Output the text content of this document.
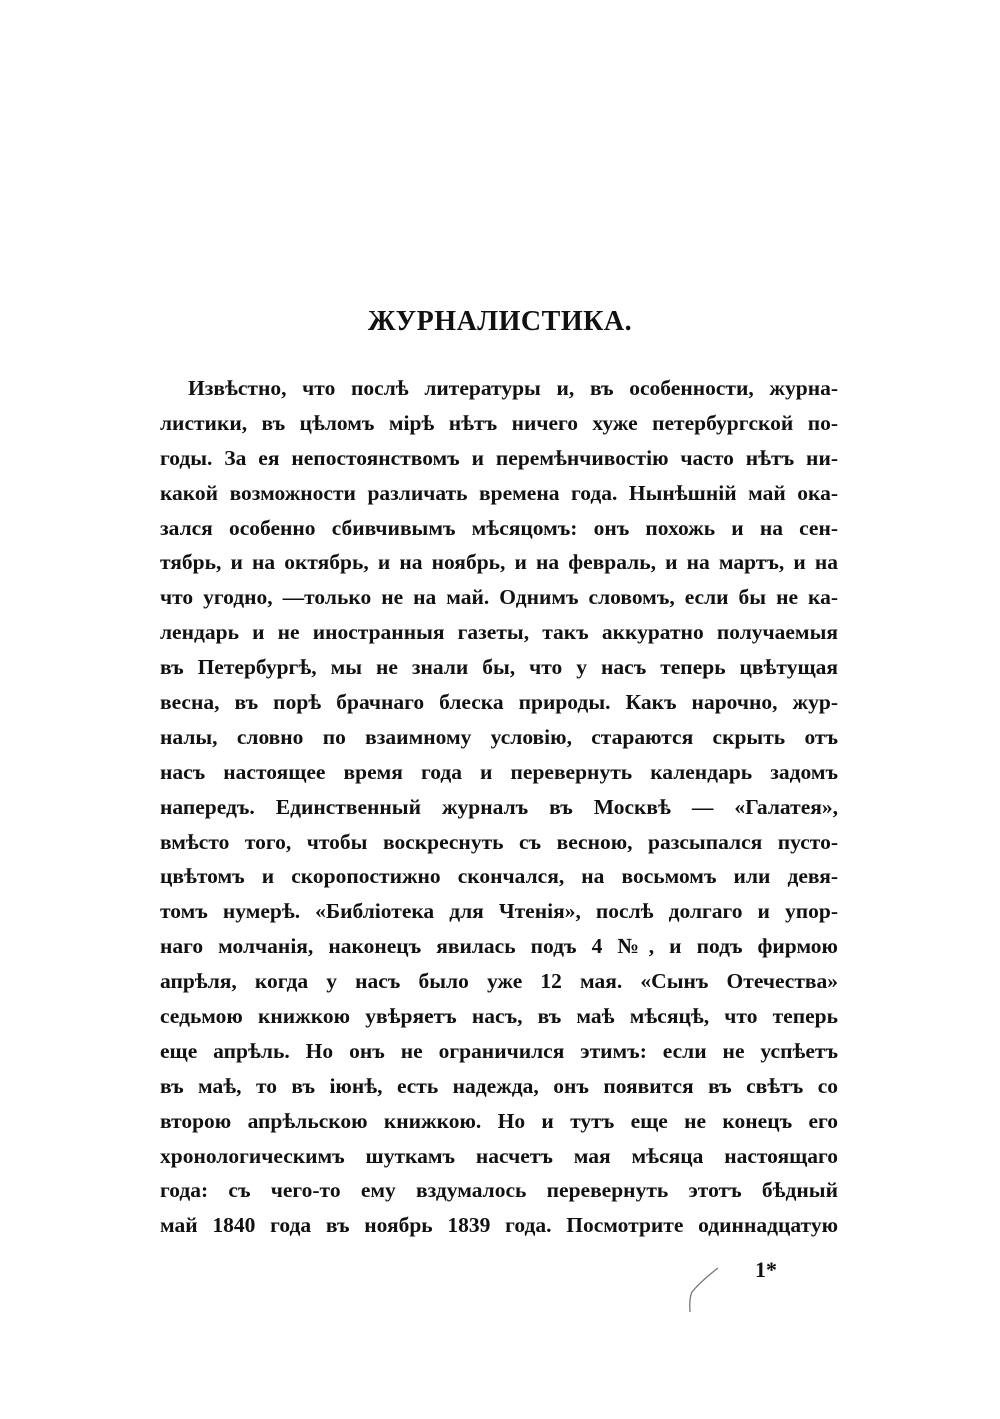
ЖУРНАЛИСТИКА.
Извѣстно, что послѣ литературы и, въ особенности, журна-
листики, въ цѣломъ мірѣ нѣтъ ничего хуже петербургской по-
годы. За ея непостоянствомъ и перемѣнчивостію часто нѣтъ ни-
какой возможности различать времена года. Нынѣшній май ока-
зался особенно сбивчивымъ мѣсяцомъ: онъ похожь и на сен-
тябрь, и на октябрь, и на ноябрь, и на февраль, и на мартъ, и на
что угодно, —только не на май. Однимъ словомъ, если бы не ка-
лендарь и не иностранныя газеты, такъ аккуратно получаемыя
въ Петербургѣ, мы не знали бы, что у насъ теперь цвѣтущая
весна, въ порѣ брачнаго блеска природы. Какъ нарочно, жур-
налы, словно по взаимному условію, стараются скрыть отъ
насъ настоящее время года и перевернуть календарь задомъ
напередъ. Единственный журналъ въ Москвѣ — «Галатея»,
вмѣсто того, чтобы воскреснуть съ весною, разсыпался пусто-
цвѣтомъ и скоропостижно скончался, на восьмомъ или девя-
томъ нумерѣ. «Библіотека для Чтенія», послѣ долгаго и упор-
наго молчанія, наконецъ явилась подъ 4 №, и подъ фирмою
апрѣля, когда у насъ было уже 12 мая. «Сынъ Отечества»
седьмою книжкою увѣряетъ насъ, въ маѣ мѣсяцѣ, что теперь
еще апрѣль. Но онъ не ограничился этимъ: если не успѣетъ
въ маѣ, то въ іюнѣ, есть надежда, онъ появится въ свѣтъ со
второю апрѣльскою книжкою. Но и тутъ еще не конецъ его
хронологическимъ шуткамъ насчетъ мая мѣсяца настоящаго
года: съ чего-то ему вздумалось перевернуть этотъ бѣдный
май 1840 года въ ноябрь 1839 года. Посмотрите одиннадцатую
1*
